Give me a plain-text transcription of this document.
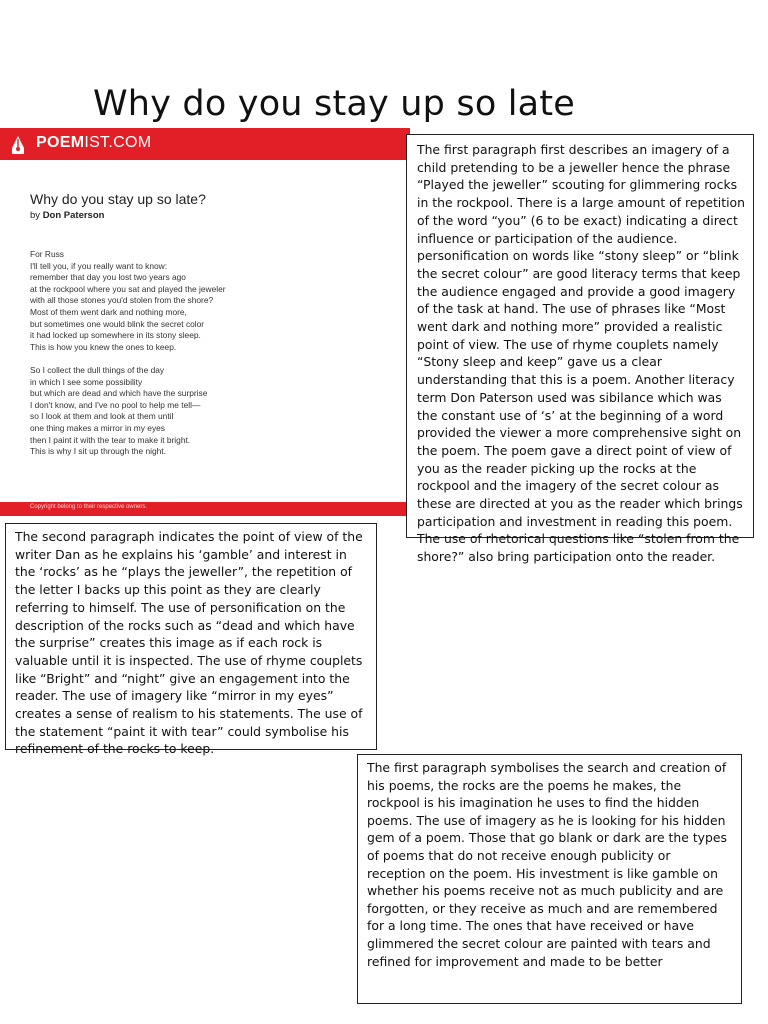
Why do you stay up so late
POEMIST.COM
Why do you stay up so late?
by Don Paterson
For Russ
I'll tell you, if you really want to know:
remember that day you lost two years ago
at the rockpool where you sat and played the jeweler
with all those stones you'd stolen from the shore?
Most of them went dark and nothing more,
but sometimes one would blink the secret color
it had locked up somewhere in its stony sleep.
This is how you knew the ones to keep.
So I collect the dull things of the day
in which I see some possibility
but which are dead and which have the surprise
I don't know, and I've no pool to help me tell—
so I look at them and look at them until
one thing makes a mirror in my eyes
then I paint it with the tear to make it bright.
This is why I sit up through the night.
Copyright belong to their respective owners.
The first paragraph first describes an imagery of a child pretending to be a jeweller hence the phrase “Played the jeweller” scouting for glimmering rocks in the rockpool. There is a large amount of repetition of the word “you” (6 to be exact) indicating a direct influence or participation of the audience. personification on words like “stony sleep” or “blink the secret colour” are good literacy terms that keep the audience engaged and provide a good imagery of the task at hand. The use of phrases like “Most went dark and nothing more” provided a realistic point of view. The use of rhyme couplets namely “Stony sleep and keep” gave us a clear understanding that this is a poem. Another literacy term Don Paterson used was sibilance which was the constant use of ‘s’ at the beginning of a word provided the viewer a more comprehensive sight on the poem. The poem gave a direct point of view of you as the reader picking up the rocks at the rockpool and the imagery of the secret colour as these are directed at you as the reader which brings participation and investment in reading this poem. The use of rhetorical questions like “stolen from the shore?” also bring participation onto the reader.
The second paragraph indicates the point of view of the writer Dan as he explains his ‘gamble’ and interest in the ‘rocks’ as he “plays the jeweller”, the repetition of the letter I backs up this point as they are clearly referring to himself. The use of personification on the description of the rocks such as “dead and which have the surprise” creates this image as if each rock is valuable until it is inspected. The use of rhyme couplets like “Bright” and “night” give an engagement into the reader. The use of imagery like “mirror in my eyes” creates a sense of realism to his statements. The use of the statement “paint it with tear” could symbolise his refinement of the rocks to keep.
The first paragraph symbolises the search and creation of his poems, the rocks are the poems he makes, the rockpool is his imagination he uses to find the hidden poems. The use of imagery as he is looking for his hidden gem of a poem. Those that go blank or dark are the types of poems that do not receive enough publicity or reception on the poem. His investment is like gamble on whether his poems receive not as much publicity and are forgotten, or they receive as much and are remembered for a long time. The ones that have received or have glimmered the secret colour are painted with tears and refined for improvement and made to be better
